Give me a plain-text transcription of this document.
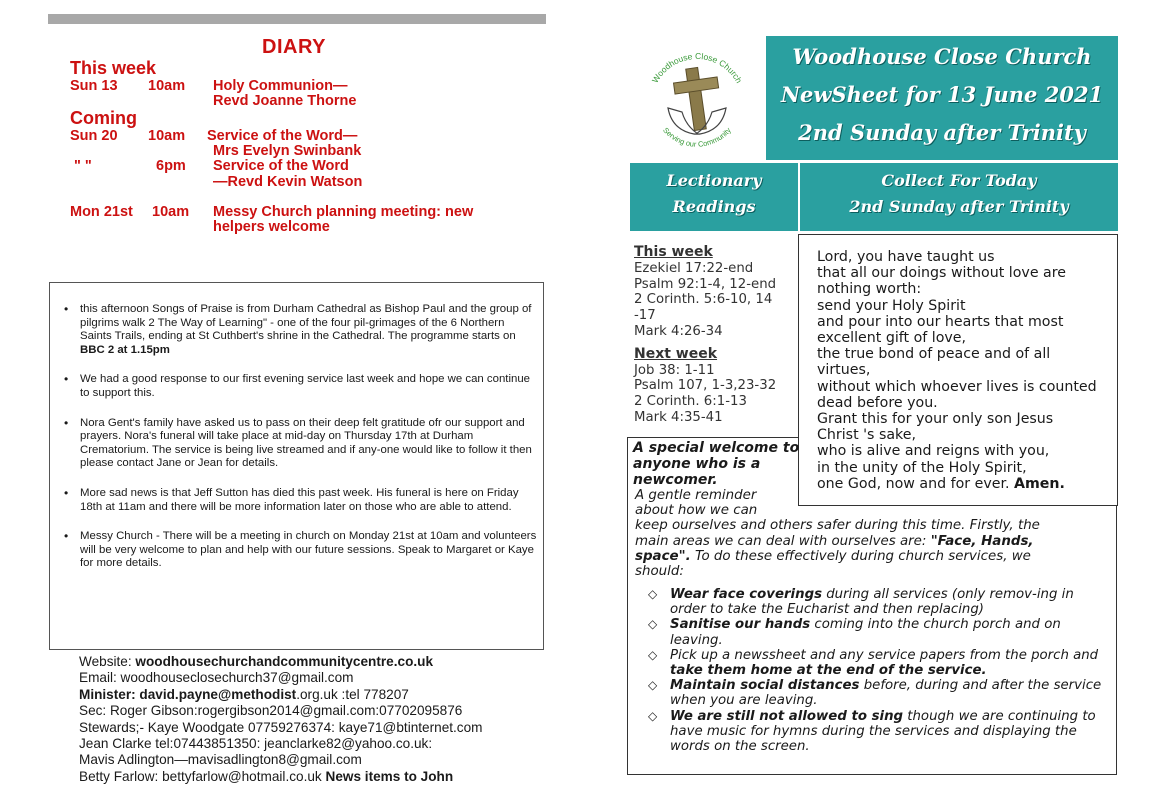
DIARY
This week
Sun 13 10am Holy Communion—
Revd Joanne Thorne
Coming
Sun 20 10am Service of the Word—
Mrs Evelyn Swinbank
" "	6pm Service of the Word
—Revd Kevin Watson
Mon 21st 10am Messy Church planning meeting: new
helpers welcome
• this afternoon Songs of Praise is from Durham Cathedral as Bishop Paul and the group of pilgrims walk 2 The Way of Learning" - one of the four pil-grimages of the 6 Northern Saints Trails, ending at St Cuthbert's shrine in the Cathedral. The programme starts on BBC 2 at 1.15pm
• We had a good response to our first evening service last week and hope we can continue to support this.
• Nora Gent's family have asked us to pass on their deep felt gratitude ofr our support and prayers. Nora's funeral will take place at mid-day on Thursday 17th at Durham Crematorium. The service is being live streamed and if any-one would like to follow it then please contact Jane or Jean for details.
• More sad news is that Jeff Sutton has died this past week. His funeral is here on Friday 18th at 11am and there will be more information later on those who are able to attend.
• Messy Church - There will be a meeting in church on Monday 21st at 10am and volunteers will be very welcome to plan and help with our future sessions. Speak to Margaret or Kaye for more details.
Website: woodhousechurchandcommunitycentre.co.uk
Email: woodhouseclosechurch37@gmail.com
Minister: david.payne@methodist.org.uk :tel 778207
Sec: Roger Gibson:rogergibson2014@gmail.com:07702095876
Stewards;- Kaye Woodgate 07759276374: kaye71@btinternet.com
Jean Clarke tel:07443851350: jeanclarke82@yahoo.co.uk:
Mavis Adlington—mavisadlington8@gmail.com
Betty Farlow: bettyfarlow@hotmail.co.uk News items to John
Woodhouse Close Church
Serving our Community
Woodhouse Close Church
NewSheet for 13 June 2021
2nd Sunday after Trinity
Lectionary
Readings
Collect For Today
2nd Sunday after Trinity
This week
Ezekiel 17:22-end
Psalm 92:1-4, 12-end
2 Corinth. 5:6-10, 14
-17
Mark 4:26-34
Next week
Job 38: 1-11
Psalm 107, 1-3,23-32
2 Corinth. 6:1-13
Mark 4:35-41
Lord, you have taught us
that all our doings without love are
nothing worth:
send your Holy Spirit
and pour into our hearts that most
excellent gift of love,
the true bond of peace and of all
virtues,
without which whoever lives is counted
dead before you.
Grant this for your only son Jesus
Christ 's sake,
who is alive and reigns with you,
in the unity of the Holy Spirit,
one God, now and for ever. Amen.
A special welcome to anyone who is a newcomer.
A gentle reminder
about how we can
keep ourselves and others safer during this time. Firstly, the
main areas we can deal with ourselves are: "Face, Hands,
space". To do these effectively during church services, we
should:
◇ Wear face coverings during all services (only remov-ing in order to take the Eucharist and then replacing)
◇ Sanitise our hands coming into the church porch and on leaving.
◇ Pick up a newssheet and any service papers from the porch and take them home at the end of the service.
◇ Maintain social distances before, during and after the service when you are leaving.
◇ We are still not allowed to sing though we are continuing to have music for hymns during the services and displaying the words on the screen.
